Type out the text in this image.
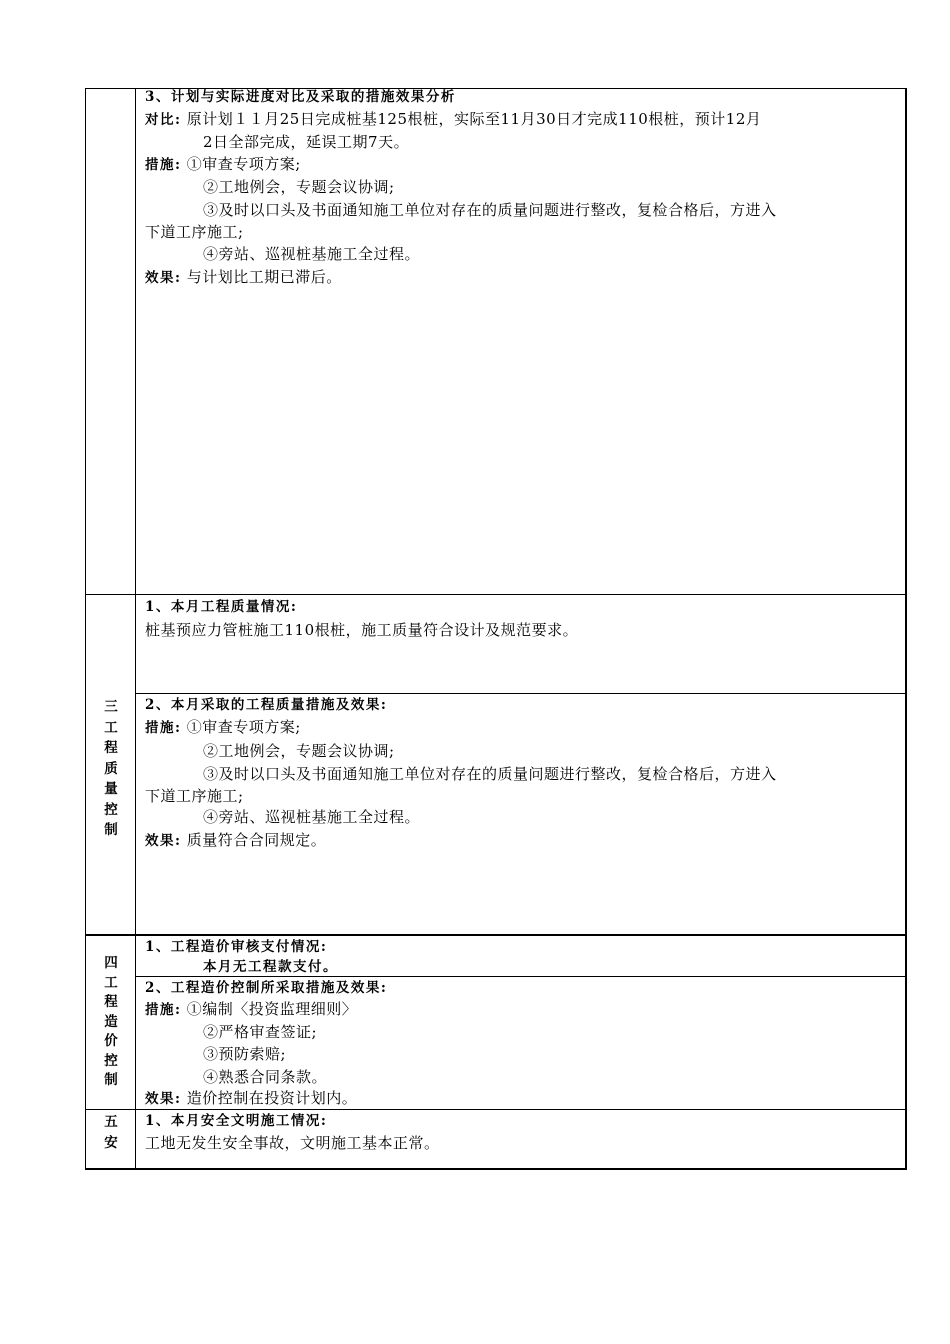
3、计划与实际进度对比及采取的措施效果分析
对比: 原计划１１月25日完成桩基125根桩，实际至11月30日才完成110根桩，预计12月
2日全部完成，延误工期7天。
措施: ①审查专项方案;
②工地例会，专题会议协调;
③及时以口头及书面通知施工单位对存在的质量问题进行整改，复检合格后，方进入
下道工序施工;
④旁站、巡视桩基施工全过程。
效果: 与计划比工期已滞后。
三
工
程
质
量
控
制
1、本月工程质量情况:
桩基预应力管桩施工110根桩，施工质量符合设计及规范要求。
2、本月采取的工程质量措施及效果:
措施: ①审查专项方案;
②工地例会，专题会议协调;
③及时以口头及书面通知施工单位对存在的质量问题进行整改，复检合格后，方进入
下道工序施工;
④旁站、巡视桩基施工全过程。
效果: 质量符合合同规定。
四
工
程
造
价
控
制
1、工程造价审核支付情况:
本月无工程款支付。
2、工程造价控制所采取措施及效果:
措施: ①编制〈投资监理细则〉
②严格审查签证;
③预防索赔;
④熟悉合同条款。
效果: 造价控制在投资计划内。
五
安
1、本月安全文明施工情况:
工地无发生安全事故，文明施工基本正常。
